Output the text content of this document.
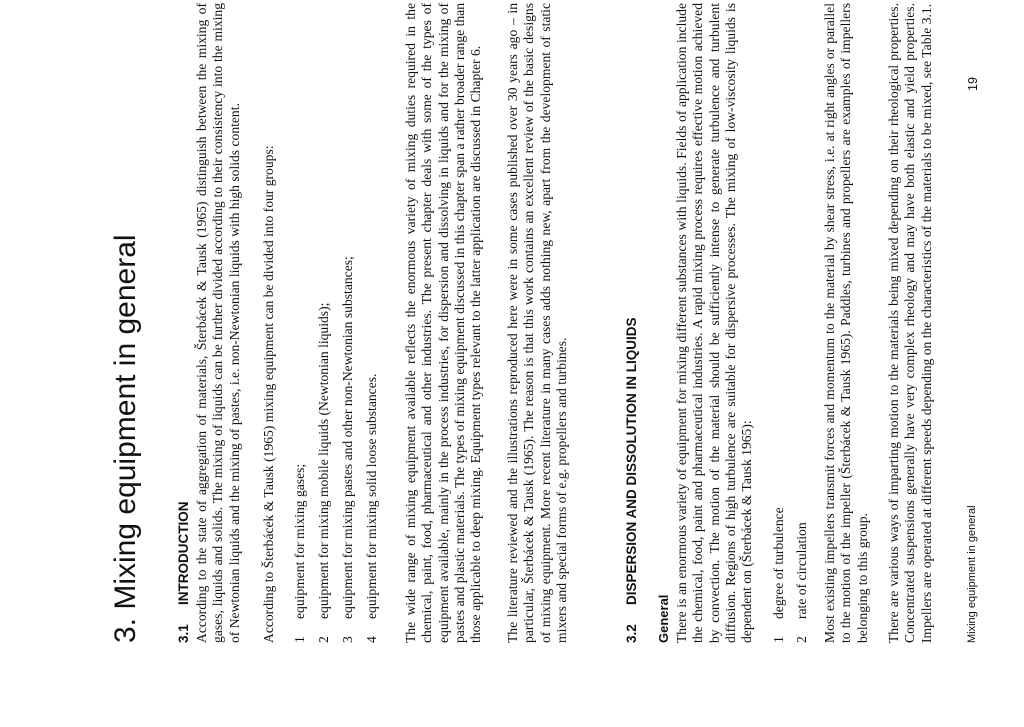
3. Mixing equipment in general	3.1INTRODUCTION According to the state of aggregation of materials, Šterbácek & Tausk (1965) distinguish between the mixing of gases, liquids and solids. The mixing of liquids can be further divided according to their consistency into the mixing of Newtonian liquids and the mixing of pastes, i.e. non-Newtonian liquids with high solids content. According to Šterbácek & Tausk (1965) mixing equipment can be divided into four groups: 1equipment for mixing gases;
2equipment for mixing mobile liquids (Newtonian liquids);
3equipment for mixing pastes and other non-Newtonian substances;
4equipment for mixing solid loose substances. The wide range of mixing equipment available reflects the enormous variety of mixing duties required in the chemical, paint, food, pharmaceutical and other industries. The present chapter deals with some of the types of equipment available, mainly in the process industries, for dispersion and dissolving in liquids and for the mixing of pastes and plastic materials. The types of mixing equipment discussed in this chapter span a rather broader range than those applicable to deep mixing. Equipment types relevant to the latter application are discussed in Chapter 6. The literature reviewed and the illustrations reproduced here were in some cases published over 30 years ago – in particular, Šterbácek & Tausk (1965). The reason is that this work contains an excellent review of the basic designs of mixing equipment. More recent literature in many cases adds nothing new, apart from the development of static mixers and special forms of e.g. propellers and turbines.	3.2DISPERSION AND DISSOLUTION IN LIQUIDS
General There is an enormous variety of equipment for mixing different substances with liquids. Fields of application include the chemical, food, paint and pharmaceutical industries. A rapid mixing process requires effective motion achieved by convection. The motion of the material should be sufficiently intense to generate turbulence and turbulent diffusion. Regions of high turbulence are suitable for dispersive processes. The mixing of low-viscosity liquids is dependent on (Šterbácek & Tausk 1965): 1degree of turbulence
2rate of circulation Most existing impellers transmit forces and momentum to the material by shear stress, i.e. at right angles or parallel to the motion of the impeller (Šterbácek & Tausk 1965). Paddles, turbines and propellers are examples of impellers belonging to this group. There are various ways of imparting motion to the materials being mixed depending on their rheological properties. Concentrated suspensions generally have very complex rheology and may have both elastic and yield properties. Impellers are operated at different speeds depending on the characteristics of the materials to be mixed, see Table 3.1.	Mixing equipment in general
19
